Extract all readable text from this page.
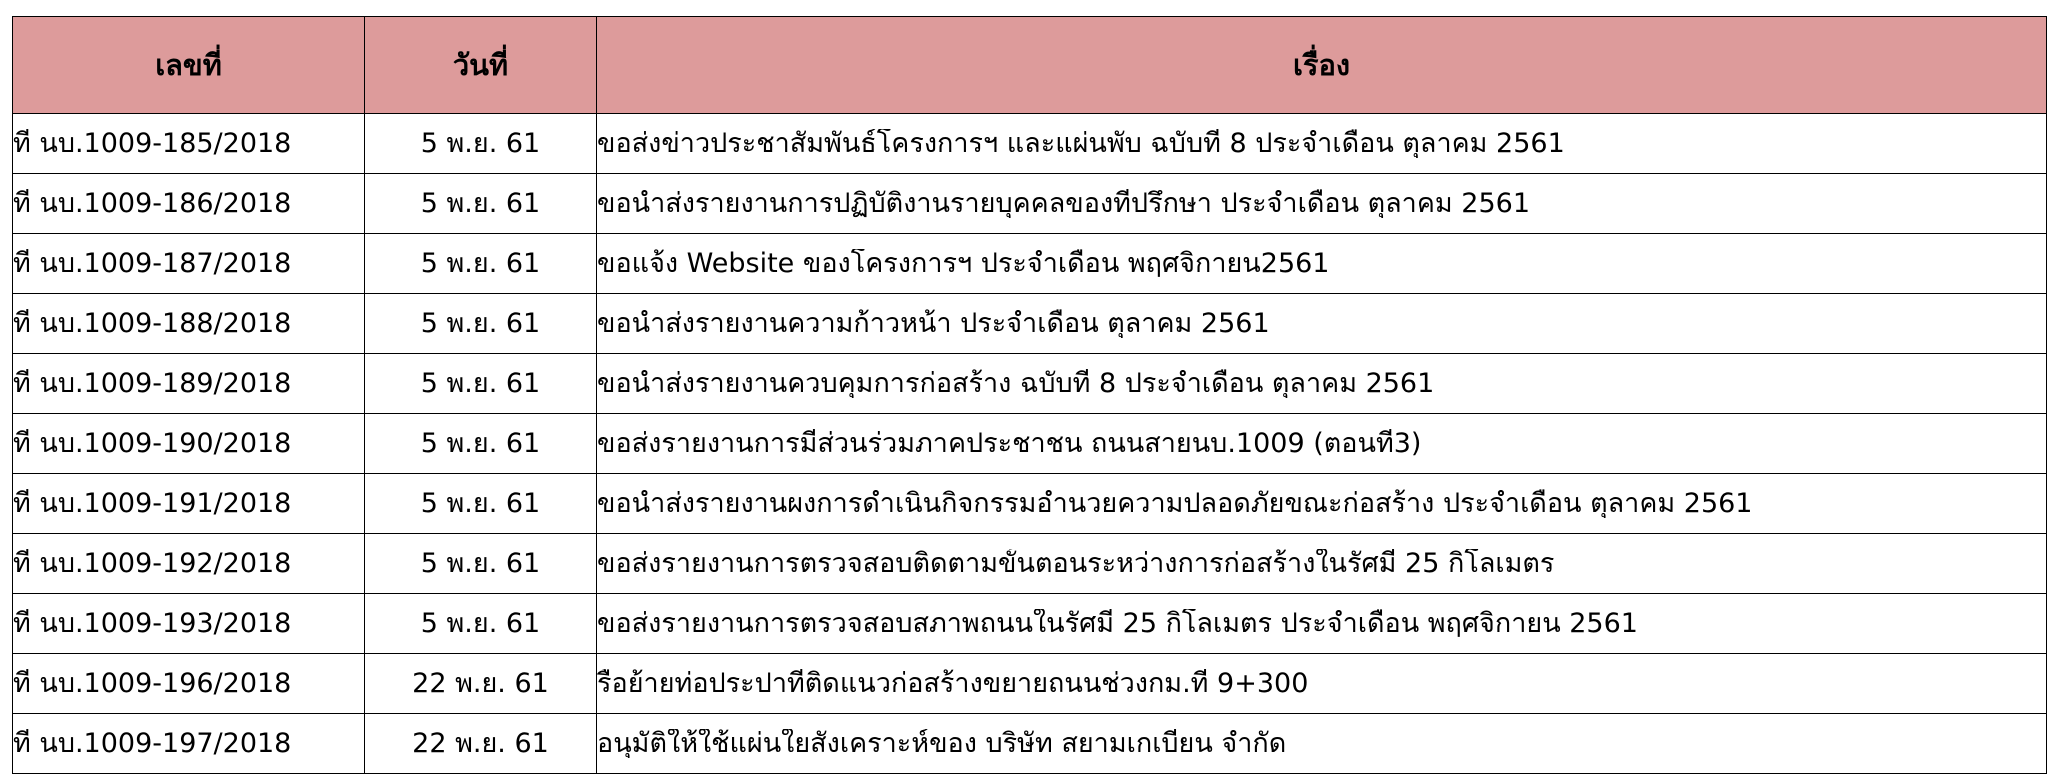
เลขที่	วันที่	เรื่อง

ที่ นบ.1009-185/2018	5 พ.ย. 61	ขอส่งข่าวประชาสัมพันธ์โครงการฯ และแผ่นพับ ฉบับที่ 8 ประจำเดือน ตุลาคม 2561

ที่ นบ.1009-186/2018	5 พ.ย. 61	ขอนำส่งรายงานการปฏิบัติงานรายบุคคลของที่ปรึกษา ประจำเดือน ตุลาคม 2561

ที่ นบ.1009-187/2018	5 พ.ย. 61	ขอแจ้ง Website ของโครงการฯ ประจำเดือน พฤศจิกายน2561

ที่ นบ.1009-188/2018	5 พ.ย. 61	ขอนำส่งรายงานความก้าวหน้า ประจำเดือน ตุลาคม 2561

ที่ นบ.1009-189/2018	5 พ.ย. 61	ขอนำส่งรายงานควบคุมการก่อสร้าง ฉบับที่ 8 ประจำเดือน ตุลาคม 2561

ที่ นบ.1009-190/2018	5 พ.ย. 61	ขอส่งรายงานการมีส่วนร่วมภาคประชาชน ถนนสายนบ.1009 (ตอนที่3)

ที่ นบ.1009-191/2018	5 พ.ย. 61	ขอนำส่งรายงานผงการดำเนินกิจกรรมอำนวยความปลอดภัยขณะก่อสร้าง ประจำเดือน ตุลาคม 2561

ที่ นบ.1009-192/2018	5 พ.ย. 61	ขอส่งรายงานการตรวจสอบติดตามขั้นตอนระหว่างการก่อสร้างในรัศมี 25 กิโลเมตร

ที่ นบ.1009-193/2018	5 พ.ย. 61	ขอส่งรายงานการตรวจสอบสภาพถนนในรัศมี 25 กิโลเมตร ประจำเดือน พฤศจิกายน 2561

ที่ นบ.1009-196/2018	22 พ.ย. 61	รื้อย้ายท่อประปาที่ติดแนวก่อสร้างขยายถนนช่วงกม.ที่ 9+300

ที่ นบ.1009-197/2018	22 พ.ย. 61	อนุมัติให้ใช้แผ่นใยสังเคราะห์ของ บริษัท สยามเกเบียน จำกัด
